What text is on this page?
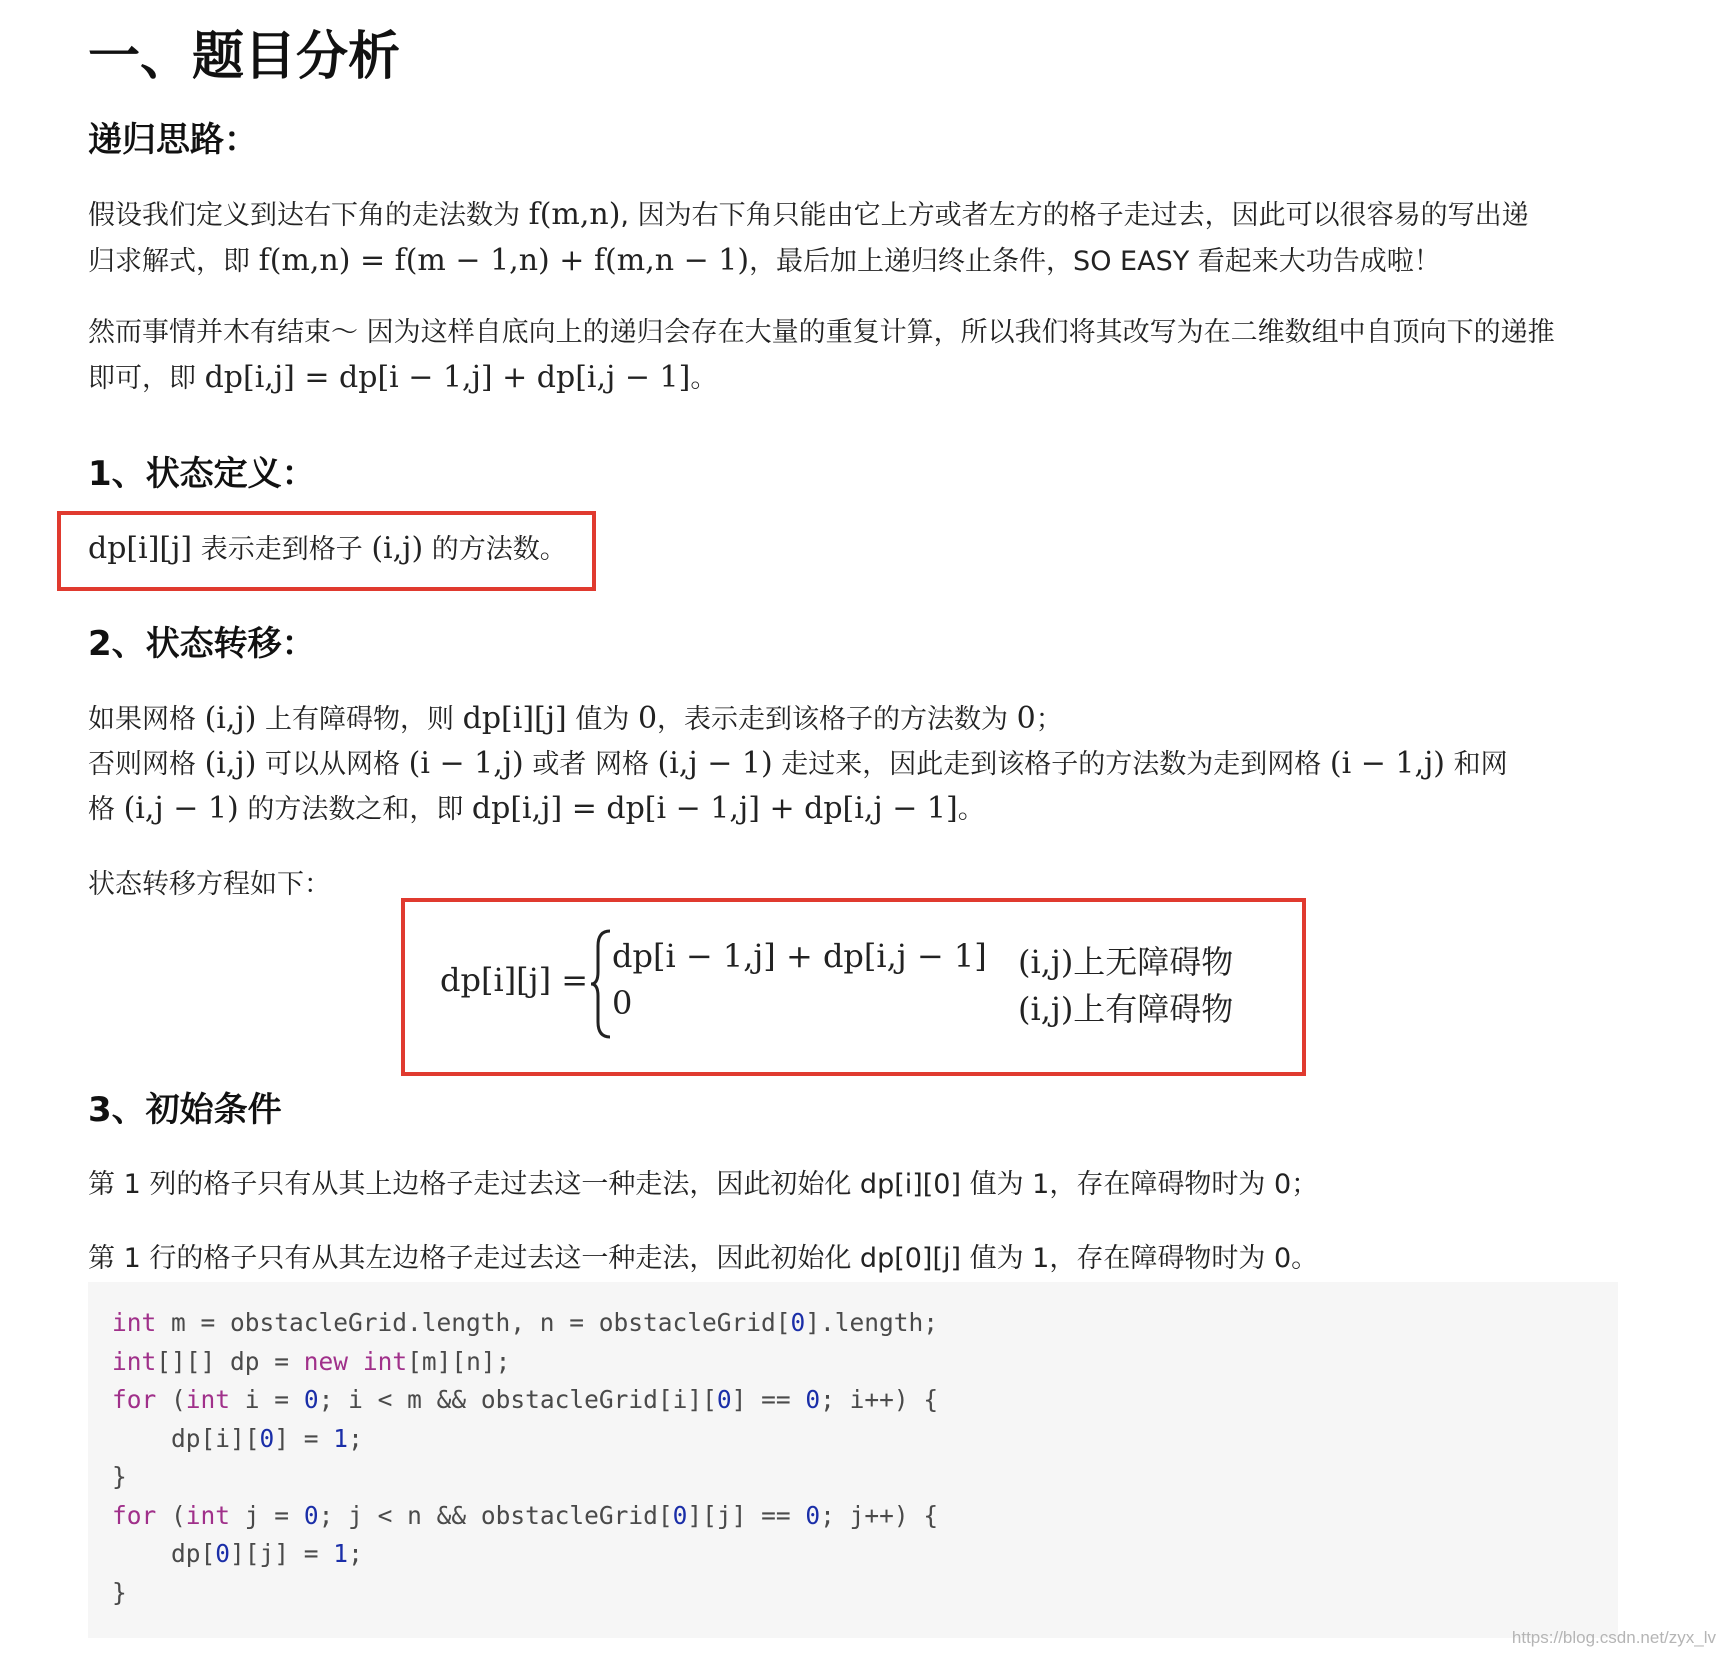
一、题目分析
递归思路：
假设我们定义到达右下角的走法数为 f(m,n), 因为右下角只能由它上方或者左方的格子走过去，因此可以很容易的写出递
归求解式，即 f(m,n) = f(m − 1,n) + f(m,n − 1)，最后加上递归终止条件，SO EASY 看起来大功告成啦！
然而事情并木有结束～ 因为这样自底向上的递归会存在大量的重复计算，所以我们将其改写为在二维数组中自顶向下的递推
即可，即 dp[i,j] = dp[i − 1,j] + dp[i,j − 1]。
1、状态定义：
dp[i][j] 表示走到格子 (i,j) 的方法数。
2、状态转移：
如果网格 (i,j) 上有障碍物，则 dp[i][j] 值为 0，表示走到该格子的方法数为 0；
否则网格 (i,j) 可以从网格 (i − 1,j) 或者 网格 (i,j − 1) 走过来，因此走到该格子的方法数为走到网格 (i − 1,j) 和网
格 (i,j − 1) 的方法数之和，即 dp[i,j] = dp[i − 1,j] + dp[i,j − 1]。
状态转移方程如下：
dp[i][j] =
dp[i − 1,j] + dp[i,j − 1] (i,j)上无障碍物
0	(i,j)上有障碍物
3、初始条件
第 1 列的格子只有从其上边格子走过去这一种走法，因此初始化 dp[i][0] 值为 1，存在障碍物时为 0；
第 1 行的格子只有从其左边格子走过去这一种走法，因此初始化 dp[0][j] 值为 1，存在障碍物时为 0。
int m = obstacleGrid.length, n = obstacleGrid[0].length;
int[][] dp = new int[m][n];
for (int i = 0; i < m && obstacleGrid[i][0] == 0; i++) {
dp[i][0] = 1;
}
for (int j = 0; j < n && obstacleGrid[0][j] == 0; j++) {
dp[0][j] = 1;
}
https://blog.csdn.net/zyx_lv
